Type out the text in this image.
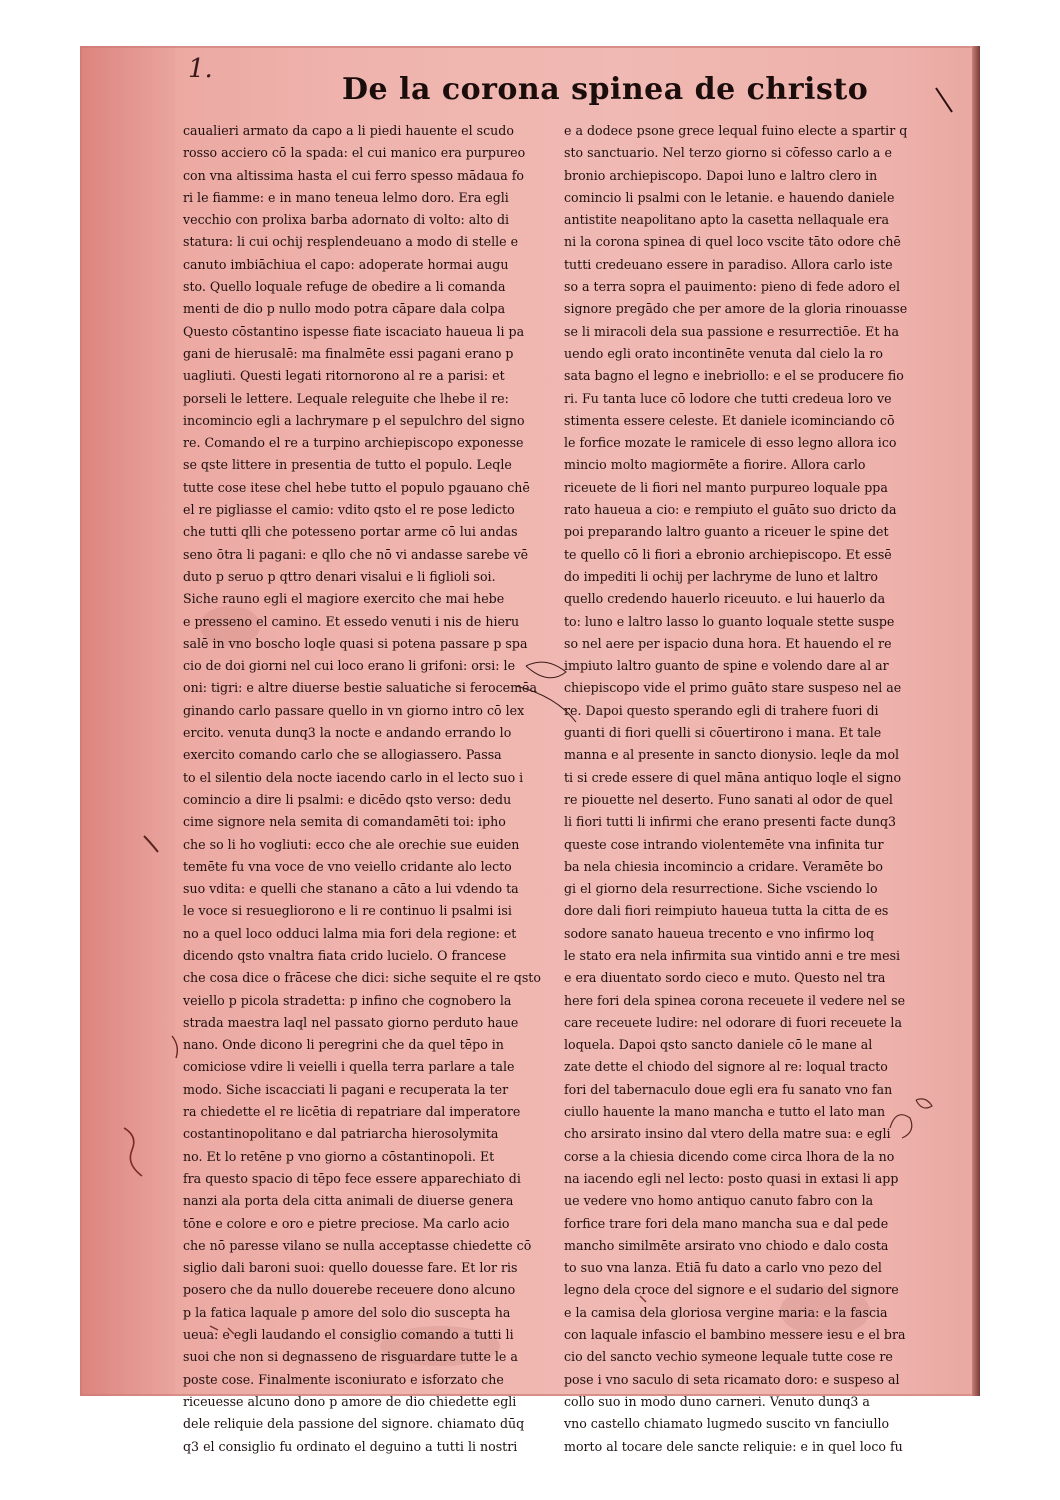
1.
De la corona spinea de christo
caualieri armato da capo a li piedi hauente el scudo
rosso acciero cō la spada: el cui manico era purpureo
con vna altissima hasta el cui ferro spesso mādaua fo
ri le fiamme: e in mano teneua lelmo doro. Era egli
vecchio con prolixa barba adornato di volto: alto di
statura: li cui ochij resplendeuano a modo di stelle e
canuto imbiāchiua el capo: adoperate hormai augu
sto. Quello loquale refuge de obedire a li comanda
menti de dio p nullo modo potra cāpare dala colpa
Questo cōstantino ispesse fiate iscaciato haueua li pa
gani de hierusalē: ma finalmēte essi pagani erano p
uagliuti. Questi legati ritornorono al re a parisi: et
porseli le lettere. Lequale releguite che lhebe il re:
incomincio egli a lachrymare p el sepulchro del signo
re. Comando el re a turpino archiepiscopo exponesse
se qste littere in presentia de tutto el populo. Leqle
tutte cose itese chel hebe tutto el populo pgauano chē
el re pigliasse el camio: vdito qsto el re pose ledicto
che tutti qlli che potesseno portar arme cō lui andas
seno ōtra li pagani: e qllo che nō vi andasse sarebe vē
duto p seruo p qttro denari visalui e li figlioli soi.
Siche rauno egli el magiore exercito che mai hebe
e presseno el camino. Et essedo venuti i nis de hieru
salē in vno boscho loqle quasi si potena passare p spa
cio de doi giorni nel cui loco erano li grifoni: orsi: le
oni: tigri: e altre diuerse bestie saluatiche si ferocemēa
ginando carlo passare quello in vn giorno intro cō lex
ercito. venuta dunq3 la nocte e andando errando lo
exercito comando carlo che se allogiassero. Passa
to el silentio dela nocte iacendo carlo in el lecto suo i
comincio a dire li psalmi: e dicēdo qsto verso: dedu
cime signore nela semita di comandamēti toi: ipho
che so li ho vogliuti: ecco che ale orechie sue euiden
temēte fu vna voce de vno veiello cridante alo lecto
suo vdita: e quelli che stanano a cāto a lui vdendo ta
le voce si resuegliorono e li re continuo li psalmi isi
no a quel loco odduci lalma mia fori dela regione: et
dicendo qsto vnaltra fiata crido lucielo. O francese
che cosa dice o frācese che dici: siche sequite el re qsto
veiello p picola stradetta: p infino che cognobero la
strada maestra laql nel passato giorno perduto haue
nano. Onde dicono li peregrini che da quel tēpo in
comiciose vdire li veielli i quella terra parlare a tale
modo. Siche iscacciati li pagani e recuperata la ter
ra chiedette el re licētia di repatriare dal imperatore
costantinopolitano e dal patriarcha hierosolymita
no. Et lo retēne p vno giorno a cōstantinopoli. Et
fra questo spacio di tēpo fece essere apparechiato di
nanzi ala porta dela citta animali de diuerse genera
tōne e colore e oro e pietre preciose. Ma carlo acio
che nō paresse vilano se nulla acceptasse chiedette cō
siglio dali baroni suoi: quello douesse fare. Et lor ris
posero che da nullo douerebe receuere dono alcuno
p la fatica laquale p amore del solo dio suscepta ha
ueua: e egli laudando el consiglio comando a tutti li
suoi che non si degnasseno de risguardare tutte le a
poste cose. Finalmente isconiurato e isforzato che
riceuesse alcuno dono p amore de dio chiedette egli
dele reliquie dela passione del signore. chiamato dūq
q3 el consiglio fu ordinato el deguino a tutti li nostri
e a dodece psone grece lequal fuino electe a spartir q
sto sanctuario. Nel terzo giorno si cōfesso carlo a e
bronio archiepiscopo. Dapoi luno e laltro clero in
comincio li psalmi con le letanie. e hauendo daniele
antistite neapolitano apto la casetta nellaquale era
ni la corona spinea di quel loco vscite tāto odore chē
tutti credeuano essere in paradiso. Allora carlo iste
so a terra sopra el pauimento: pieno di fede adoro el
signore pregādo che per amore de la gloria rinouasse
se li miracoli dela sua passione e resurrectiōe. Et ha
uendo egli orato incontinēte venuta dal cielo la ro
sata bagno el legno e inebriollo: e el se producere fio
ri. Fu tanta luce cō lodore che tutti credeua loro ve
stimenta essere celeste. Et daniele icominciando cō
le forfice mozate le ramicele di esso legno allora ico
mincio molto magiormēte a fiorire. Allora carlo
riceuete de li fiori nel manto purpureo loquale ppa
rato haueua a cio: e rempiuto el guāto suo dricto da
poi preparando laltro guanto a riceuer le spine det
te quello cō li fiori a ebronio archiepiscopo. Et essē
do impediti li ochij per lachryme de luno et laltro
quello credendo hauerlo riceuuto. e lui hauerlo da
to: luno e laltro lasso lo guanto loquale stette suspe
so nel aere per ispacio duna hora. Et hauendo el re
impiuto laltro guanto de spine e volendo dare al ar
chiepiscopo vide el primo guāto stare suspeso nel ae
re. Dapoi questo sperando egli di trahere fuori di
guanti di fiori quelli si cōuertirono i mana. Et tale
manna e al presente in sancto dionysio. leqle da mol
ti si crede essere di quel māna antiquo loqle el signo
re piouette nel deserto. Funo sanati al odor de quel
li fiori tutti li infirmi che erano presenti facte dunq3
queste cose intrando violentemēte vna infinita tur
ba nela chiesia incomincio a cridare. Veramēte bo
gi el giorno dela resurrectione. Siche vsciendo lo
dore dali fiori reimpiuto haueua tutta la citta de es
sodore sanato haueua trecento e vno infirmo loq
le stato era nela infirmita sua vintido anni e tre mesi
e era diuentato sordo cieco e muto. Questo nel tra
here fori dela spinea corona receuete il vedere nel se
care receuete ludire: nel odorare di fuori receuete la
loquela. Dapoi qsto sancto daniele cō le mane al
zate dette el chiodo del signore al re: loqual tracto
fori del tabernaculo doue egli era fu sanato vno fan
ciullo hauente la mano mancha e tutto el lato man
cho arsirato insino dal vtero della matre sua: e egli
corse a la chiesia dicendo come circa lhora de la no
na iacendo egli nel lecto: posto quasi in extasi li app
ue vedere vno homo antiquo canuto fabro con la
forfice trare fori dela mano mancha sua e dal pede
mancho similmēte arsirato vno chiodo e dalo costa
to suo vna lanza. Etiā fu dato a carlo vno pezo del
legno dela croce del signore e el sudario del signore
e la camisa dela gloriosa vergine maria: e la fascia
con laquale infascio el bambino messere iesu e el bra
cio del sancto vechio symeone lequale tutte cose re
pose i vno saculo di seta ricamato doro: e suspeso al
collo suo in modo duno carneri. Venuto dunq3 a
vno castello chiamato lugmedo suscito vn fanciullo
morto al tocare dele sancte reliquie: e in quel loco fu
